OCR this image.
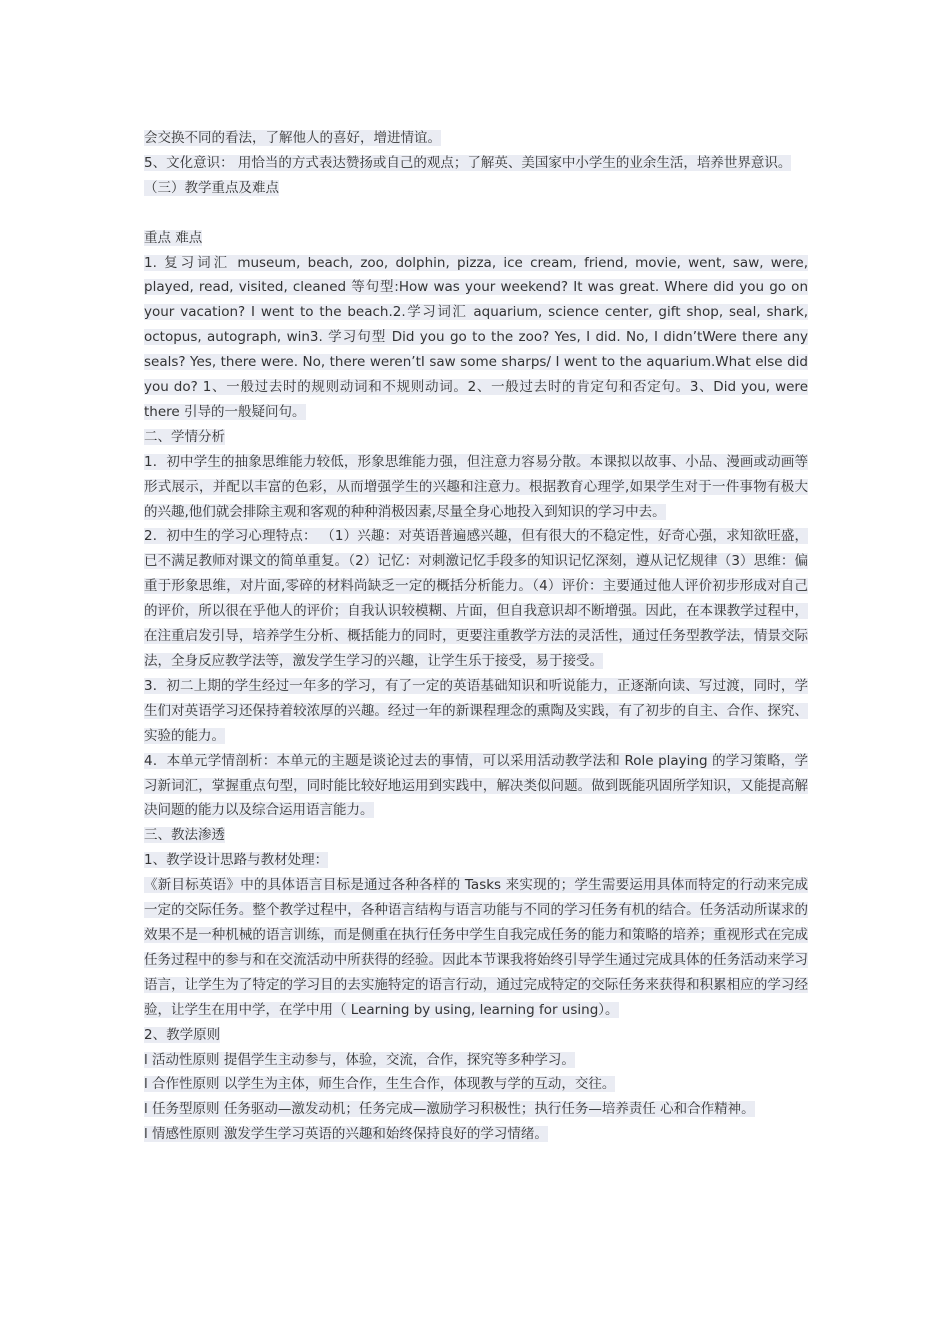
会交换不同的看法，了解他人的喜好，增进情谊。

5、文化意识： 用恰当的方式表达赞扬或自己的观点；了解英、美国家中小学生的业余生活，培养世界意识。

（三）教学重点及难点

重点 难点

1. 复习词汇 museum, beach, zoo, dolphin, pizza, ice cream, friend, movie, went, saw, were, played, read, visited, cleaned 等句型:How was your weekend? It was great. Where did you go on your vacation? I went to the beach.2.学习词汇 aquarium, science center, gift shop, seal, shark, octopus, autograph, win3. 学习句型 Did you go to the zoo? Yes, I did. No, I didn’tWere there any seals? Yes, there were. No, there weren’tI saw some sharps/ I went to the aquarium.What else did you do? 1、一般过去时的规则动词和不规则动词。2、一般过去时的肯定句和否定句。3、Did you, were there 引导的一般疑问句。

二、学情分析

1．初中学生的抽象思维能力较低，形象思维能力强，但注意力容易分散。本课拟以故事、小品、漫画或动画等形式展示，并配以丰富的色彩，从而增强学生的兴趣和注意力。根据教育心理学,如果学生对于一件事物有极大的兴趣,他们就会排除主观和客观的种种消极因素,尽量全身心地投入到知识的学习中去。

2．初中生的学习心理特点： （1）兴趣：对英语普遍感兴趣，但有很大的不稳定性，好奇心强，求知欲旺盛，已不满足教师对课文的简单重复。（2）记忆：对刺激记忆手段多的知识记忆深刻，遵从记忆规律（3）思维：偏重于形象思维，对片面,零碎的材料尚缺乏一定的概括分析能力。（4）评价：主要通过他人评价初步形成对自己的评价，所以很在乎他人的评价；自我认识较模糊、片面，但自我意识却不断增强。因此，在本课教学过程中，在注重启发引导，培养学生分析、概括能力的同时，更要注重教学方法的灵活性，通过任务型教学法，情景交际法，全身反应教学法等，激发学生学习的兴趣，让学生乐于接受，易于接受。

3．初二上期的学生经过一年多的学习，有了一定的英语基础知识和听说能力，正逐渐向读、写过渡，同时，学生们对英语学习还保持着较浓厚的兴趣。经过一年的新课程理念的熏陶及实践，有了初步的自主、合作、探究、实验的能力。

4．本单元学情剖析：本单元的主题是谈论过去的事情，可以采用活动教学法和 Role playing 的学习策略，学习新词汇，掌握重点句型，同时能比较好地运用到实践中，解决类似问题。做到既能巩固所学知识，又能提高解决问题的能力以及综合运用语言能力。

三、教法渗透

1、教学设计思路与教材处理：

《新目标英语》中的具体语言目标是通过各种各样的 Tasks 来实现的；学生需要运用具体而特定的行动来完成一定的交际任务。整个教学过程中，各种语言结构与语言功能与不同的学习任务有机的结合。任务活动所谋求的效果不是一种机械的语言训练，而是侧重在执行任务中学生自我完成任务的能力和策略的培养；重视形式在完成任务过程中的参与和在交流活动中所获得的经验。因此本节课我将始终引导学生通过完成具体的任务活动来学习语言，让学生为了特定的学习目的去实施特定的语言行动，通过完成特定的交际任务来获得和积累相应的学习经验，让学生在用中学，在学中用（ Learning by using, learning for using）。

2、教学原则

l 活动性原则 提倡学生主动参与，体验，交流，合作，探究等多种学习。

l 合作性原则 以学生为主体，师生合作，生生合作，体现教与学的互动，交往。

l 任务型原则 任务驱动—激发动机；任务完成—激励学习积极性；执行任务—培养责任 心和合作精神。

l 情感性原则 激发学生学习英语的兴趣和始终保持良好的学习情绪。
